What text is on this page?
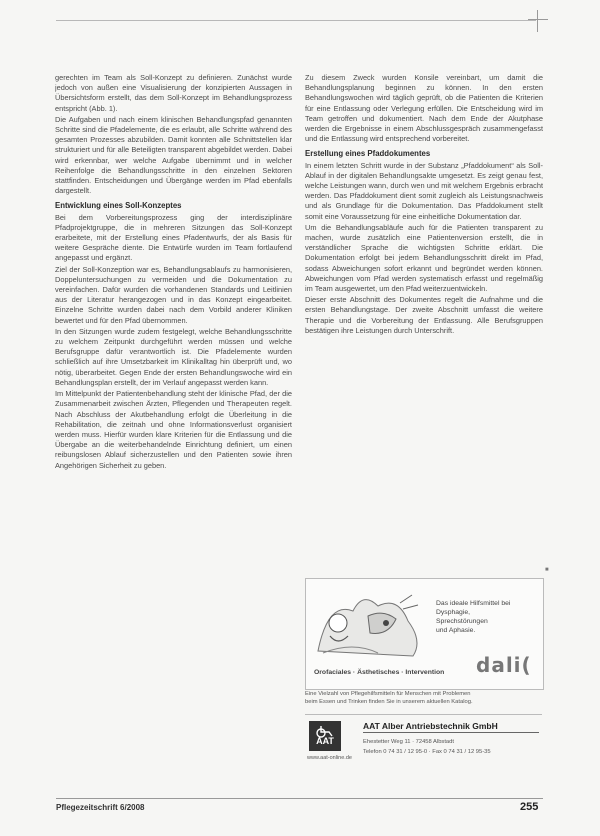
gerechten im Team als Soll-Konzept zu definieren. Zunächst wurde jedoch von außen eine Visualisierung der konzipierten Aussagen in Übersichtsform erstellt, das dem Soll-Konzept im Behandlungsprozess entspricht (Abb. 1).

Die Aufgaben und nach einem klinischen Behandlungspfad genannten Schritte sind die Pfadelemente, die es erlaubt, alle Schritte während des gesamten Prozesses abzubilden. Damit konnten alle Schnittstellen klar strukturiert und für alle Beteiligten transparent abgebildet werden. Dabei wird erkennbar, wer welche Aufgabe übernimmt und in welcher Reihenfolge die Behandlungsschritte in den einzelnen Sektoren stattfinden. Entscheidungen und Übergänge werden im Pfad ebenfalls dargestellt.

Entwicklung eines Soll-Konzeptes

Bei dem Vorbereitungsprozess ging der interdisziplinäre Pfadprojektgruppe, die in mehreren Sitzungen das Soll-Konzept erarbeitete, mit der Erstellung eines Pfadentwurfs, der als Basis für weitere Gespräche diente. Die Entwürfe wurden im Team fortlaufend angepasst und ergänzt.

Ziel der Soll-Konzeption war es, Behandlungsablaufs zu harmonisieren, Doppeluntersuchungen zu vermeiden und die Dokumentation zu vereinfachen. Dafür wurden die vorhandenen Standards und Leitlinien aus der Literatur herangezogen und in das Konzept eingearbeitet. Einzelne Schritte wurden dabei nach dem Vorbild anderer Kliniken bewertet und für den Pfad übernommen.

In den Sitzungen wurde zudem festgelegt, welche Behandlungsschritte zu welchem Zeitpunkt durchgeführt werden müssen und welche Berufsgruppe dafür verantwortlich ist. Die Pfadelemente wurden schließlich auf ihre Umsetzbarkeit im Klinikalltag hin überprüft und, wo nötig, überarbeitet. Gegen Ende der ersten Behandlungswoche wird ein Behandlungsplan erstellt, der im Verlauf angepasst werden kann.

Im Mittelpunkt der Patientenbehandlung steht der klinische Pfad, der die Zusammenarbeit zwischen Ärzten, Pflegenden und Therapeuten regelt. Nach Abschluss der Akutbehandlung erfolgt die Überleitung in die Rehabilitation, die zeitnah und ohne Informationsverlust organisiert werden muss. Hierfür wurden klare Kriterien für die Entlassung und die Übergabe an die weiterbehandelnde Einrichtung definiert, um einen reibungslosen Ablauf sicherzustellen und den Patienten sowie ihren Angehörigen Sicherheit zu geben.

Zu diesem Zweck wurden Konsile vereinbart, um damit die Behandlungsplanung beginnen zu können. In den ersten Behandlungswochen wird täglich geprüft, ob die Patienten die Kriterien für eine Entlassung oder Verlegung erfüllen. Die Entscheidung wird im Team getroffen und dokumentiert. Nach dem Ende der Akutphase werden die Ergebnisse in einem Abschlussgespräch zusammengefasst und die Entlassung wird entsprechend vorbereitet.

Erstellung eines Pfaddokumentes

In einem letzten Schritt wurde in der Substanz „Pfaddokument“ als Soll-Ablauf in der digitalen Behandlungsakte umgesetzt. Es zeigt genau fest, welche Leistungen wann, durch wen und mit welchem Ergebnis erbracht werden. Das Pfaddokument dient somit zugleich als Leistungsnachweis und als Grundlage für die Dokumentation. Das Pfaddokument stellt somit eine Voraussetzung für eine einheitliche Dokumentation dar.

Um die Behandlungsabläufe auch für die Patienten transparent zu machen, wurde zusätzlich eine Patientenversion erstellt, die in verständlicher Sprache die wichtigsten Schritte erklärt. Die Dokumentation erfolgt bei jedem Behandlungsschritt direkt im Pfad, sodass Abweichungen sofort erkannt und begründet werden können. Abweichungen vom Pfad werden systematisch erfasst und regelmäßig im Team ausgewertet, um den Pfad weiterzuentwickeln.

Dieser erste Abschnitt des Dokumentes regelt die Aufnahme und die ersten Behandlungstage. Der zweite Abschnitt umfasst die weitere Therapie und die Vorbereitung der Entlassung. Alle Berufsgruppen bestätigen ihre Leistungen durch Unterschrift.

■
Das ideale Hilfsmittel bei
Dysphagie,
Sprechstörungen
und Aphasie.
dali(
Orofaciales · Ästhetisches · Intervention
Eine Vielzahl von Pflegehilfsmitteln für Menschen mit Problemen
beim Essen und Trinken finden Sie in unserem aktuellen Katalog.
AAT
www.aat-online.de
AAT Alber Antriebstechnik GmbH
Ehestetter Weg 11 · 72458 Albstadt
Telefon 0 74 31 / 12 95-0 · Fax 0 74 31 / 12 95-35
Pflegezeitschrift 6/2008	255
